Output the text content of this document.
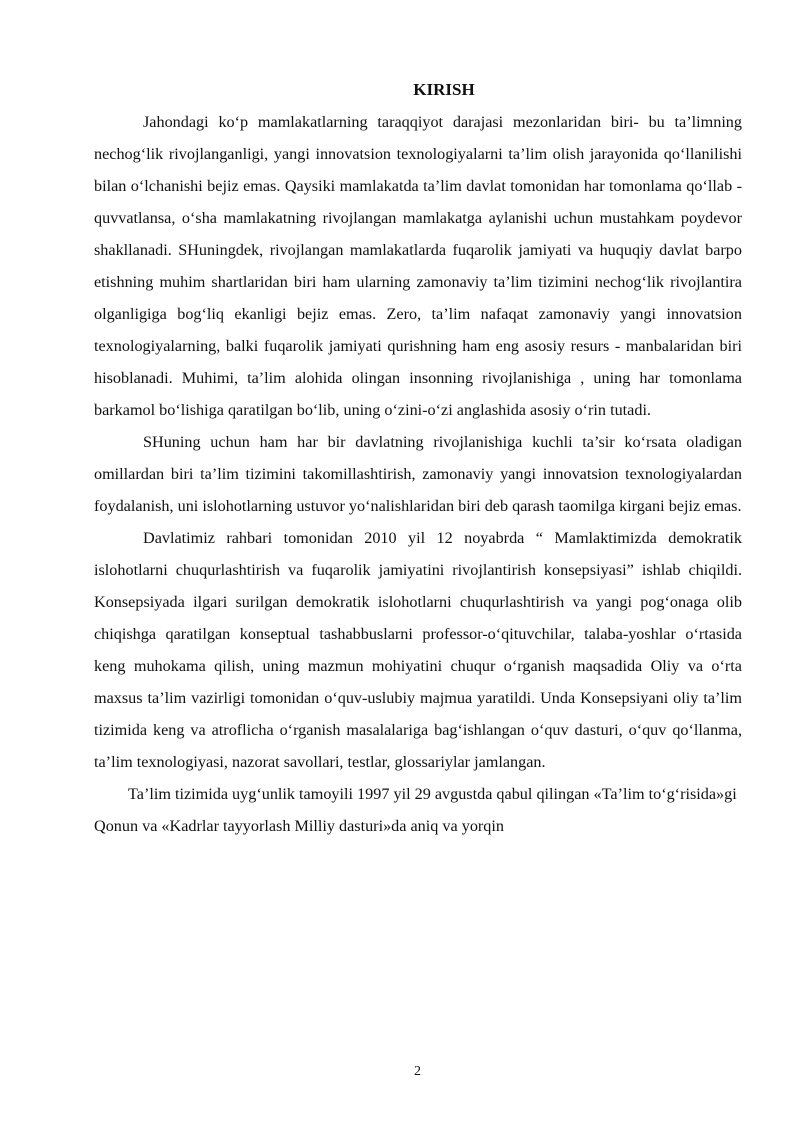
KIRISH

Jahondagi ko‘p mamlakatlarning taraqqiyot darajasi mezonlaridan biri- bu ta’limning nechog‘lik rivojlanganligi, yangi innovatsion texnologiyalarni ta’lim olish jarayonida qo‘llanilishi bilan o‘lchanishi bejiz emas. Qaysiki mamlakatda ta’lim davlat tomonidan har tomonlama qo‘llab - quvvatlansa, o‘sha mamlakatning rivojlangan mamlakatga aylanishi uchun mustahkam poydevor shakllanadi. SHuningdek, rivojlangan mamlakatlarda fuqarolik jamiyati va huquqiy davlat barpo etishning muhim shartlaridan biri ham ularning zamonaviy ta’lim tizimini nechog‘lik rivojlantira olganligiga bog‘liq ekanligi bejiz emas. Zero, ta’lim nafaqat zamonaviy yangi innovatsion texnologiyalarning, balki fuqarolik jamiyati qurishning ham eng asosiy resurs - manbalaridan biri hisoblanadi. Muhimi, ta’lim alohida olingan insonning rivojlanishiga , uning har tomonlama barkamol bo‘lishiga qaratilgan bo‘lib, uning o‘zini-o‘zi anglashida asosiy o‘rin tutadi.

SHuning uchun ham har bir davlatning rivojlanishiga kuchli ta’sir ko‘rsata oladigan omillardan biri ta’lim tizimini takomillashtirish, zamonaviy yangi innovatsion texnologiyalardan foydalanish, uni islohotlarning ustuvor yo‘nalishlaridan biri deb qarash taomilga kirgani bejiz emas.

Davlatimiz rahbari tomonidan 2010 yil 12 noyabrda “ Mamlaktimizda demokratik islohotlarni chuqurlashtirish va fuqarolik jamiyatini rivojlantirish konsepsiyasi” ishlab chiqildi. Konsepsiyada ilgari surilgan demokratik islohotlarni chuqurlashtirish va yangi pog‘onaga olib chiqishga qaratilgan konseptual tashabbuslarni professor-o‘qituvchilar, talaba-yoshlar o‘rtasida keng muhokama qilish, uning mazmun mohiyatini chuqur o‘rganish maqsadida Oliy va o‘rta maxsus ta’lim vazirligi tomonidan o‘quv-uslubiy majmua yaratildi. Unda Konsepsiyani oliy ta’lim tizimida keng va atroflicha o‘rganish masalalariga bag‘ishlangan o‘quv dasturi, o‘quv qo‘llanma, ta’lim texnologiyasi, nazorat savollari, testlar, glossariylar jamlangan.

Ta’lim tizimida uyg‘unlik tamoyili 1997 yil 29 avgustda qabul qilingan «Ta’lim to‘g‘risida»gi Qonun va «Kadrlar tayyorlash Milliy dasturi»da aniq va yorqin

2
